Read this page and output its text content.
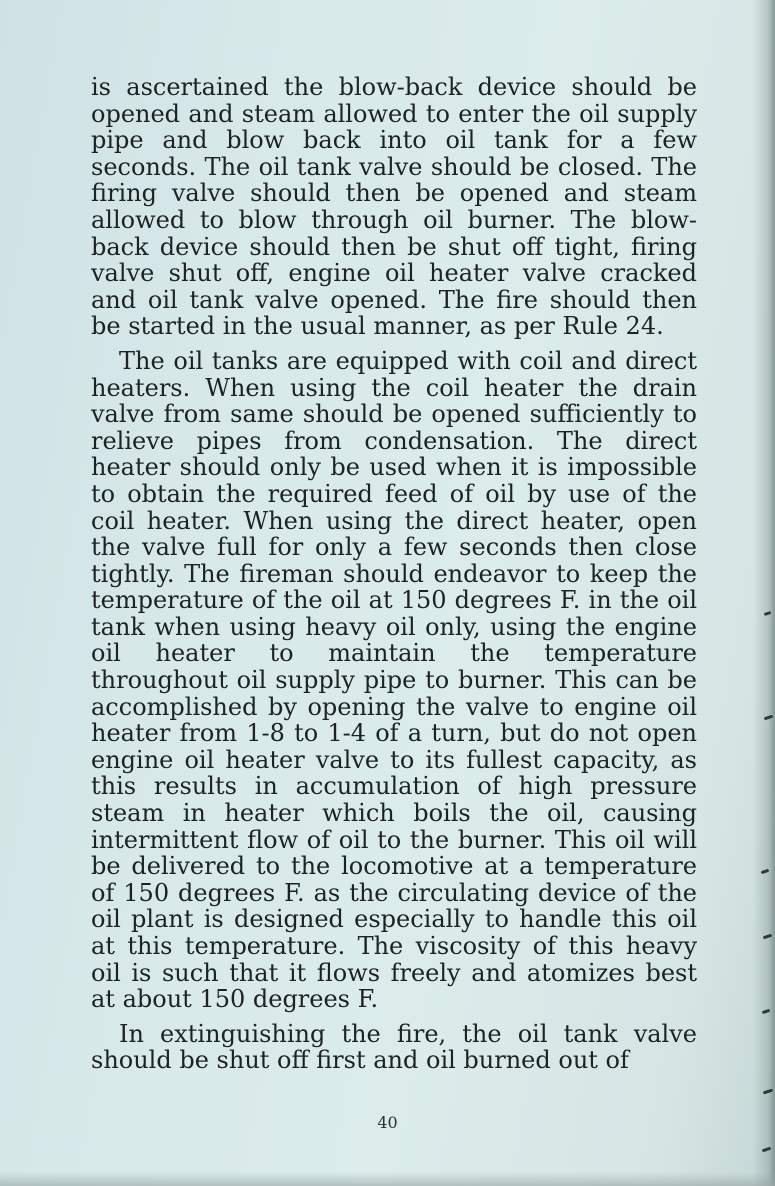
is ascertained the blow-back device should be opened and steam allowed to enter the oil supply pipe and blow back into oil tank for a few seconds. The oil tank valve should be closed. The firing valve should then be opened and steam allowed to blow through oil burner. The blow-back device should then be shut off tight, firing valve shut off, engine oil heater valve cracked and oil tank valve opened. The fire should then be started in the usual manner, as per Rule 24.

The oil tanks are equipped with coil and direct heaters. When using the coil heater the drain valve from same should be opened sufficiently to relieve pipes from condensation. The direct heater should only be used when it is impossible to obtain the required feed of oil by use of the coil heater. When using the direct heater, open the valve full for only a few seconds then close tightly. The fireman should endeavor to keep the temperature of the oil at 150 degrees F. in the oil tank when using heavy oil only, using the engine oil heater to maintain the temperature throughout oil supply pipe to burner. This can be accomplished by opening the valve to engine oil heater from 1-8 to 1-4 of a turn, but do not open engine oil heater valve to its fullest capacity, as this results in accumulation of high pressure steam in heater which boils the oil, causing intermittent flow of oil to the burner. This oil will be delivered to the locomotive at a temperature of 150 degrees F. as the circulating device of the oil plant is designed especially to handle this oil at this temperature. The viscosity of this heavy oil is such that it flows freely and atomizes best at about 150 degrees F.

In extinguishing the fire, the oil tank valve should be shut off first and oil burned out of

40
